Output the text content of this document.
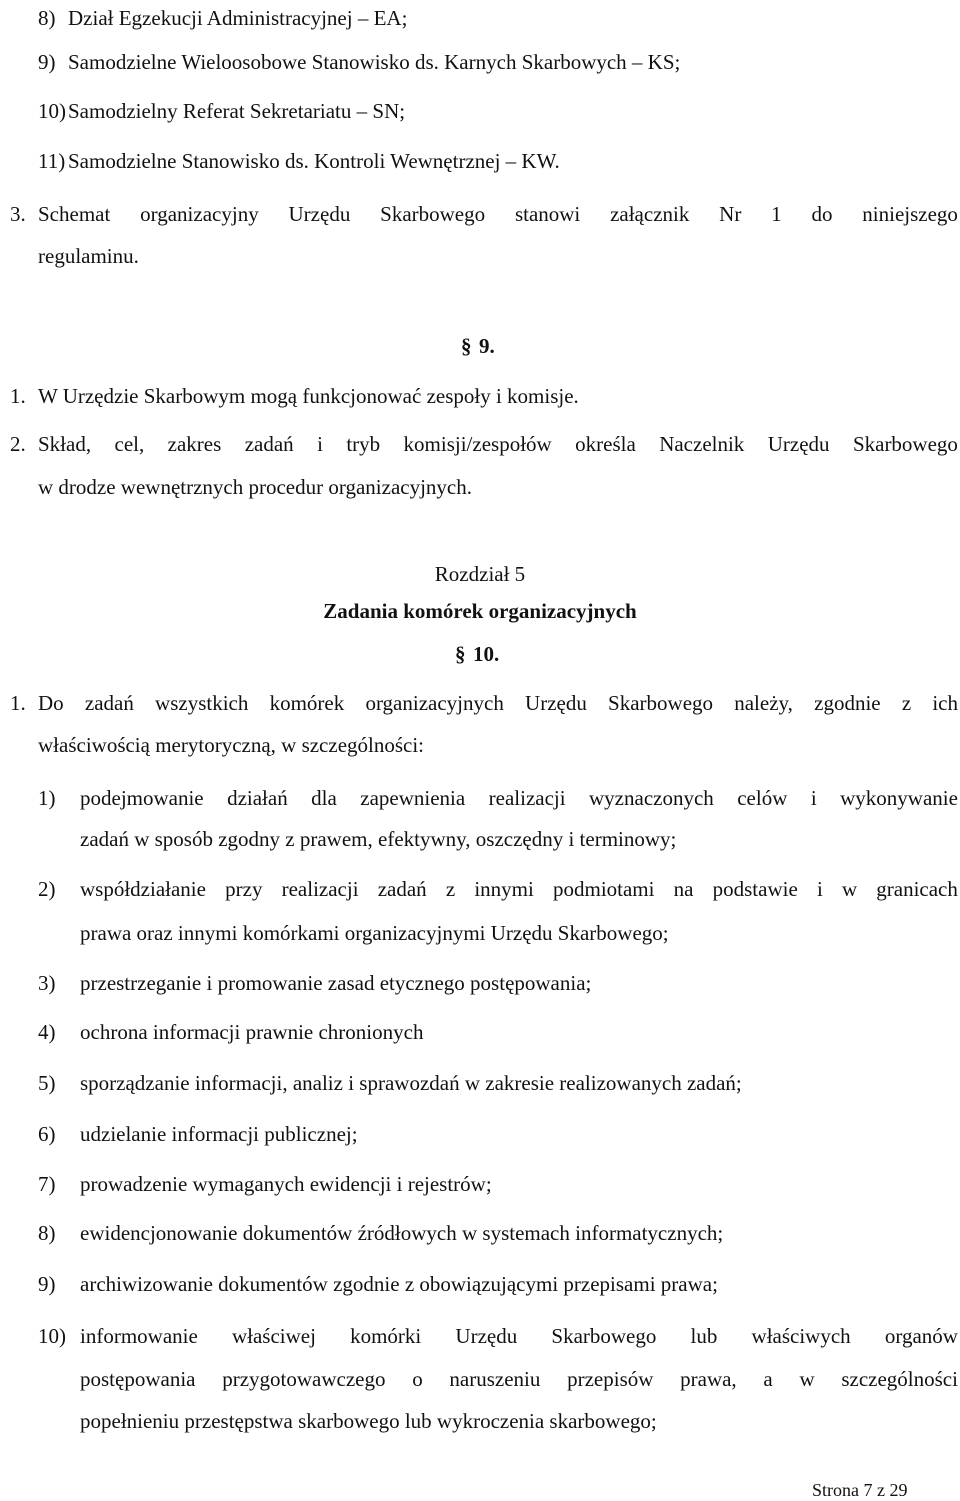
8) Dział Egzekucji Administracyjnej – EA;
9) Samodzielne Wieloosobowe Stanowisko ds. Karnych Skarbowych – KS;
10) Samodzielny Referat Sekretariatu – SN;
11) Samodzielne Stanowisko ds. Kontroli Wewnętrznej – KW.
3. Schemat organizacyjny Urzędu Skarbowego stanowi załącznik Nr 1 do niniejszego
regulaminu.
§ 9.
1. W Urzędzie Skarbowym mogą funkcjonować zespoły i komisje.
2. Skład, cel, zakres zadań i tryb komisji/zespołów określa Naczelnik Urzędu Skarbowego
w drodze wewnętrznych procedur organizacyjnych.
Rozdział 5
Zadania komórek organizacyjnych
§ 10.
1. Do zadań wszystkich komórek organizacyjnych Urzędu Skarbowego należy, zgodnie z ich
właściwością merytoryczną, w szczególności:
1) podejmowanie działań dla zapewnienia realizacji wyznaczonych celów i wykonywanie
zadań w sposób zgodny z prawem, efektywny, oszczędny i terminowy;
2) współdziałanie przy realizacji zadań z innymi podmiotami na podstawie i w granicach
prawa oraz innymi komórkami organizacyjnymi Urzędu Skarbowego;
3) przestrzeganie i promowanie zasad etycznego postępowania;
4) ochrona informacji prawnie chronionych
5) sporządzanie informacji, analiz i sprawozdań w zakresie realizowanych zadań;
6) udzielanie informacji publicznej;
7) prowadzenie wymaganych ewidencji i rejestrów;
8) ewidencjonowanie dokumentów źródłowych w systemach informatycznych;
9) archiwizowanie dokumentów zgodnie z obowiązującymi przepisami prawa;
10) informowanie właściwej komórki Urzędu Skarbowego lub właściwych organów
postępowania przygotowawczego o naruszeniu przepisów prawa, a w szczególności
popełnieniu przestępstwa skarbowego lub wykroczenia skarbowego;
Strona 7 z 29
